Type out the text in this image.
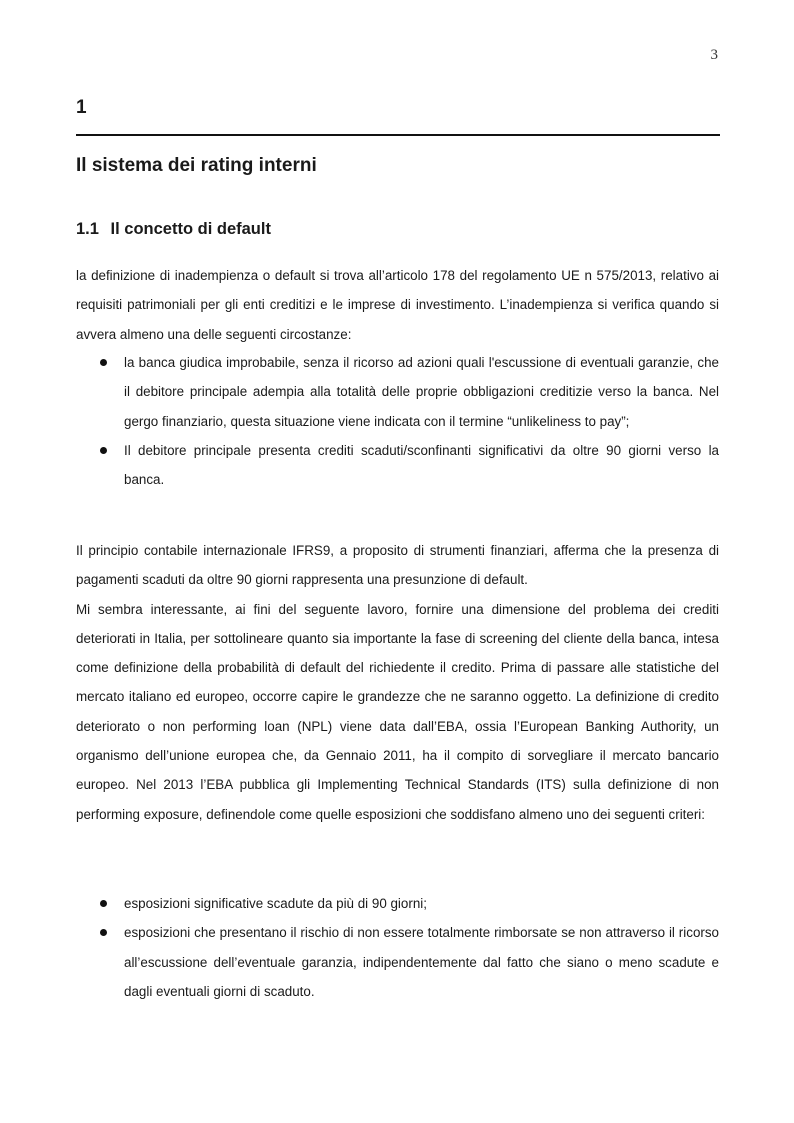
3
1
Il sistema dei rating interni
1.1 Il concetto di default

la definizione di inadempienza o default si trova all’articolo 178 del regolamento UE n 575/2013, relativo ai requisiti patrimoniali per gli enti creditizi e le imprese di investimento. L’inadempienza si verifica quando si avvera almeno una delle seguenti circostanze:

la banca giudica improbabile, senza il ricorso ad azioni quali l'escussione di eventuali garanzie, che il debitore principale adempia alla totalità delle proprie obbligazioni creditizie verso la banca. Nel gergo finanziario, questa situazione viene indicata con il termine “unlikeliness to pay”;
Il debitore principale presenta crediti scaduti/sconfinanti significativi da oltre 90 giorni verso la banca.

Il principio contabile internazionale IFRS9, a proposito di strumenti finanziari, afferma che la presenza di pagamenti scaduti da oltre 90 giorni rappresenta una presunzione di default.

Mi sembra interessante, ai fini del seguente lavoro, fornire una dimensione del problema dei crediti deteriorati in Italia, per sottolineare quanto sia importante la fase di screening del cliente della banca, intesa come definizione della probabilità di default del richiedente il credito. Prima di passare alle statistiche del mercato italiano ed europeo, occorre capire le grandezze che ne saranno oggetto. La definizione di credito deteriorato o non performing loan (NPL) viene data dall’EBA, ossia l’European Banking Authority, un organismo dell’unione europea che, da Gennaio 2011, ha il compito di sorvegliare il mercato bancario europeo. Nel 2013 l’EBA pubblica gli Implementing Technical Standards (ITS) sulla definizione di non performing exposure, definendole come quelle esposizioni che soddisfano almeno uno dei seguenti criteri:

esposizioni significative scadute da più di 90 giorni;
esposizioni che presentano il rischio di non essere totalmente rimborsate se non attraverso il ricorso all’escussione dell’eventuale garanzia, indipendentemente dal fatto che siano o meno scadute e dagli eventuali giorni di scaduto.
